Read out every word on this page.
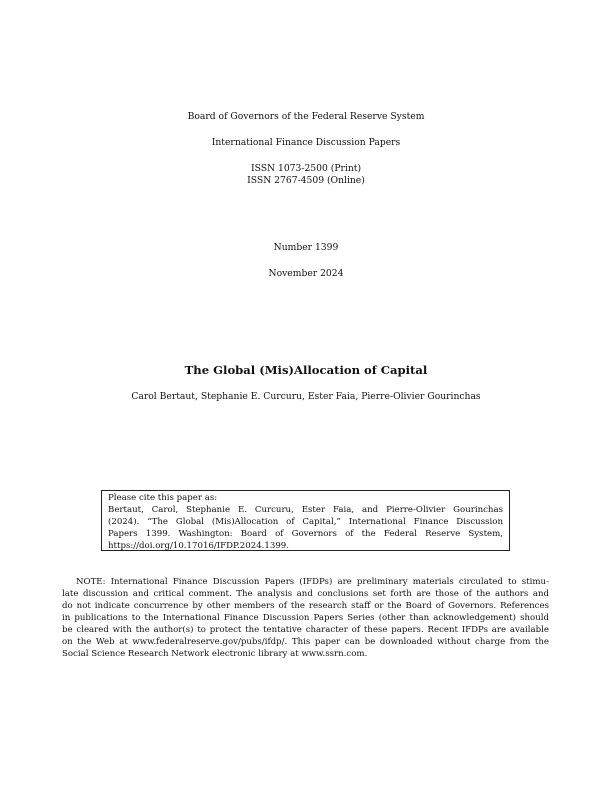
Board of Governors of the Federal Reserve System
International Finance Discussion Papers
ISSN 1073-2500 (Print)
ISSN 2767-4509 (Online)
Number 1399
November 2024
The Global (Mis)Allocation of Capital
Carol Bertaut, Stephanie E. Curcuru, Ester Faia, Pierre-Olivier Gourinchas
Please cite this paper as:
Bertaut, Carol, Stephanie E. Curcuru, Ester Faia, and Pierre-Olivier Gourinchas
(2024). “The Global (Mis)Allocation of Capital,” International Finance Discussion
Papers 1399. Washington: Board of Governors of the Federal Reserve System,
https://doi.org/10.17016/IFDP.2024.1399.
NOTE: International Finance Discussion Papers (IFDPs) are preliminary materials circulated to stimu-
late discussion and critical comment. The analysis and conclusions set forth are those of the authors and
do not indicate concurrence by other members of the research staff or the Board of Governors. References
in publications to the International Finance Discussion Papers Series (other than acknowledgement) should
be cleared with the author(s) to protect the tentative character of these papers. Recent IFDPs are available
on the Web at www.federalreserve.gov/pubs/ifdp/. This paper can be downloaded without charge from the
Social Science Research Network electronic library at www.ssrn.com.
